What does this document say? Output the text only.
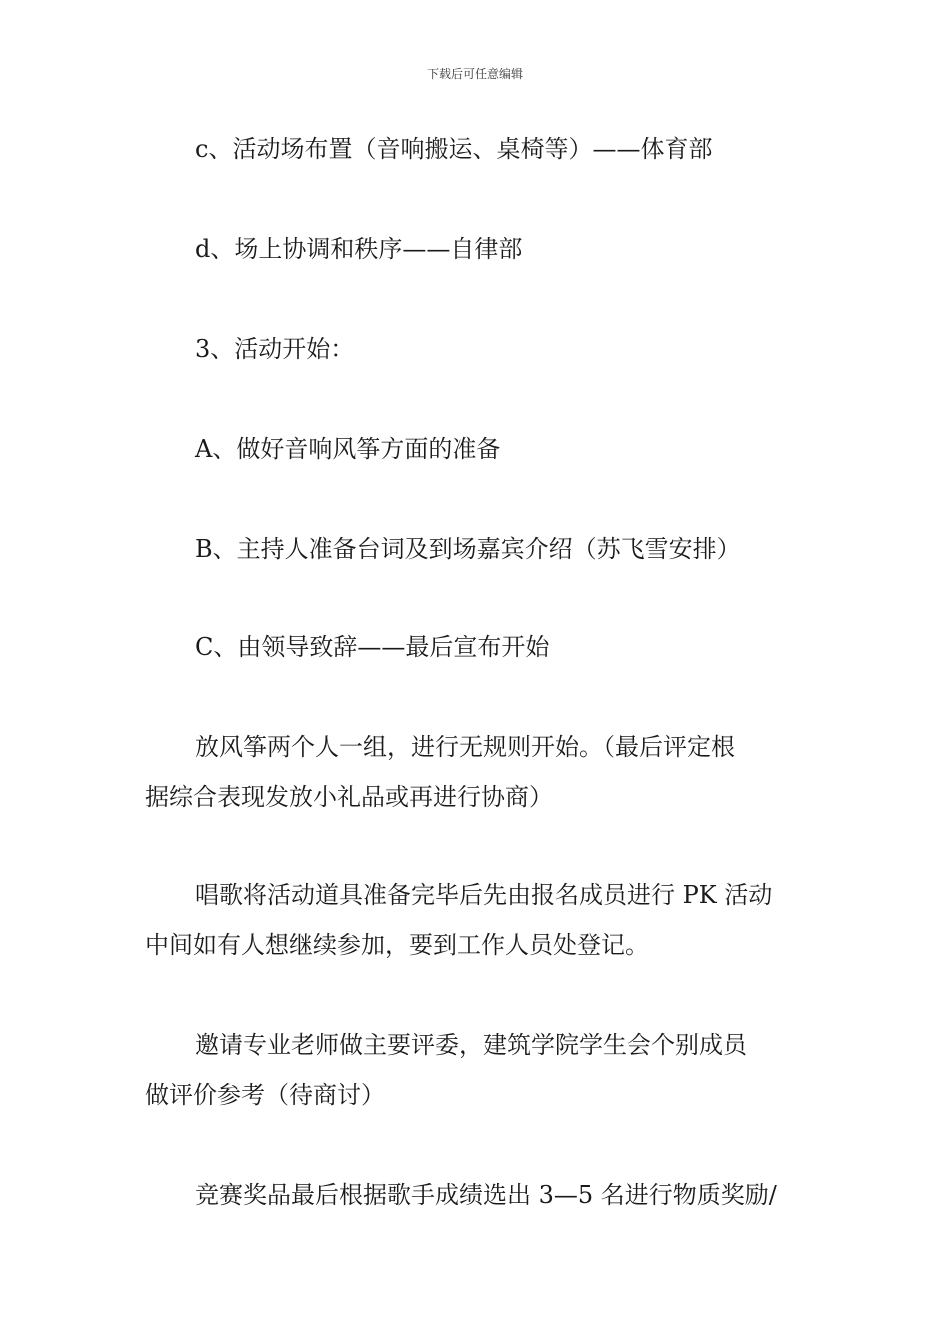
下载后可任意编辑
c、活动场布置（音响搬运、桌椅等）——体育部
d、场上协调和秩序——自律部
3、活动开始：
A、做好音响风筝方面的准备
B、主持人准备台词及到场嘉宾介绍（苏飞雪安排）
C、由领导致辞——最后宣布开始
放风筝两个人一组，进行无规则开始。（最后评定根
据综合表现发放小礼品或再进行协商）
唱歌将活动道具准备完毕后先由报名成员进行 PK 活动
中间如有人想继续参加，要到工作人员处登记。
邀请专业老师做主要评委，建筑学院学生会个别成员
做评价参考（待商讨）
竞赛奖品最后根据歌手成绩选出 3—5 名进行物质奖励/
